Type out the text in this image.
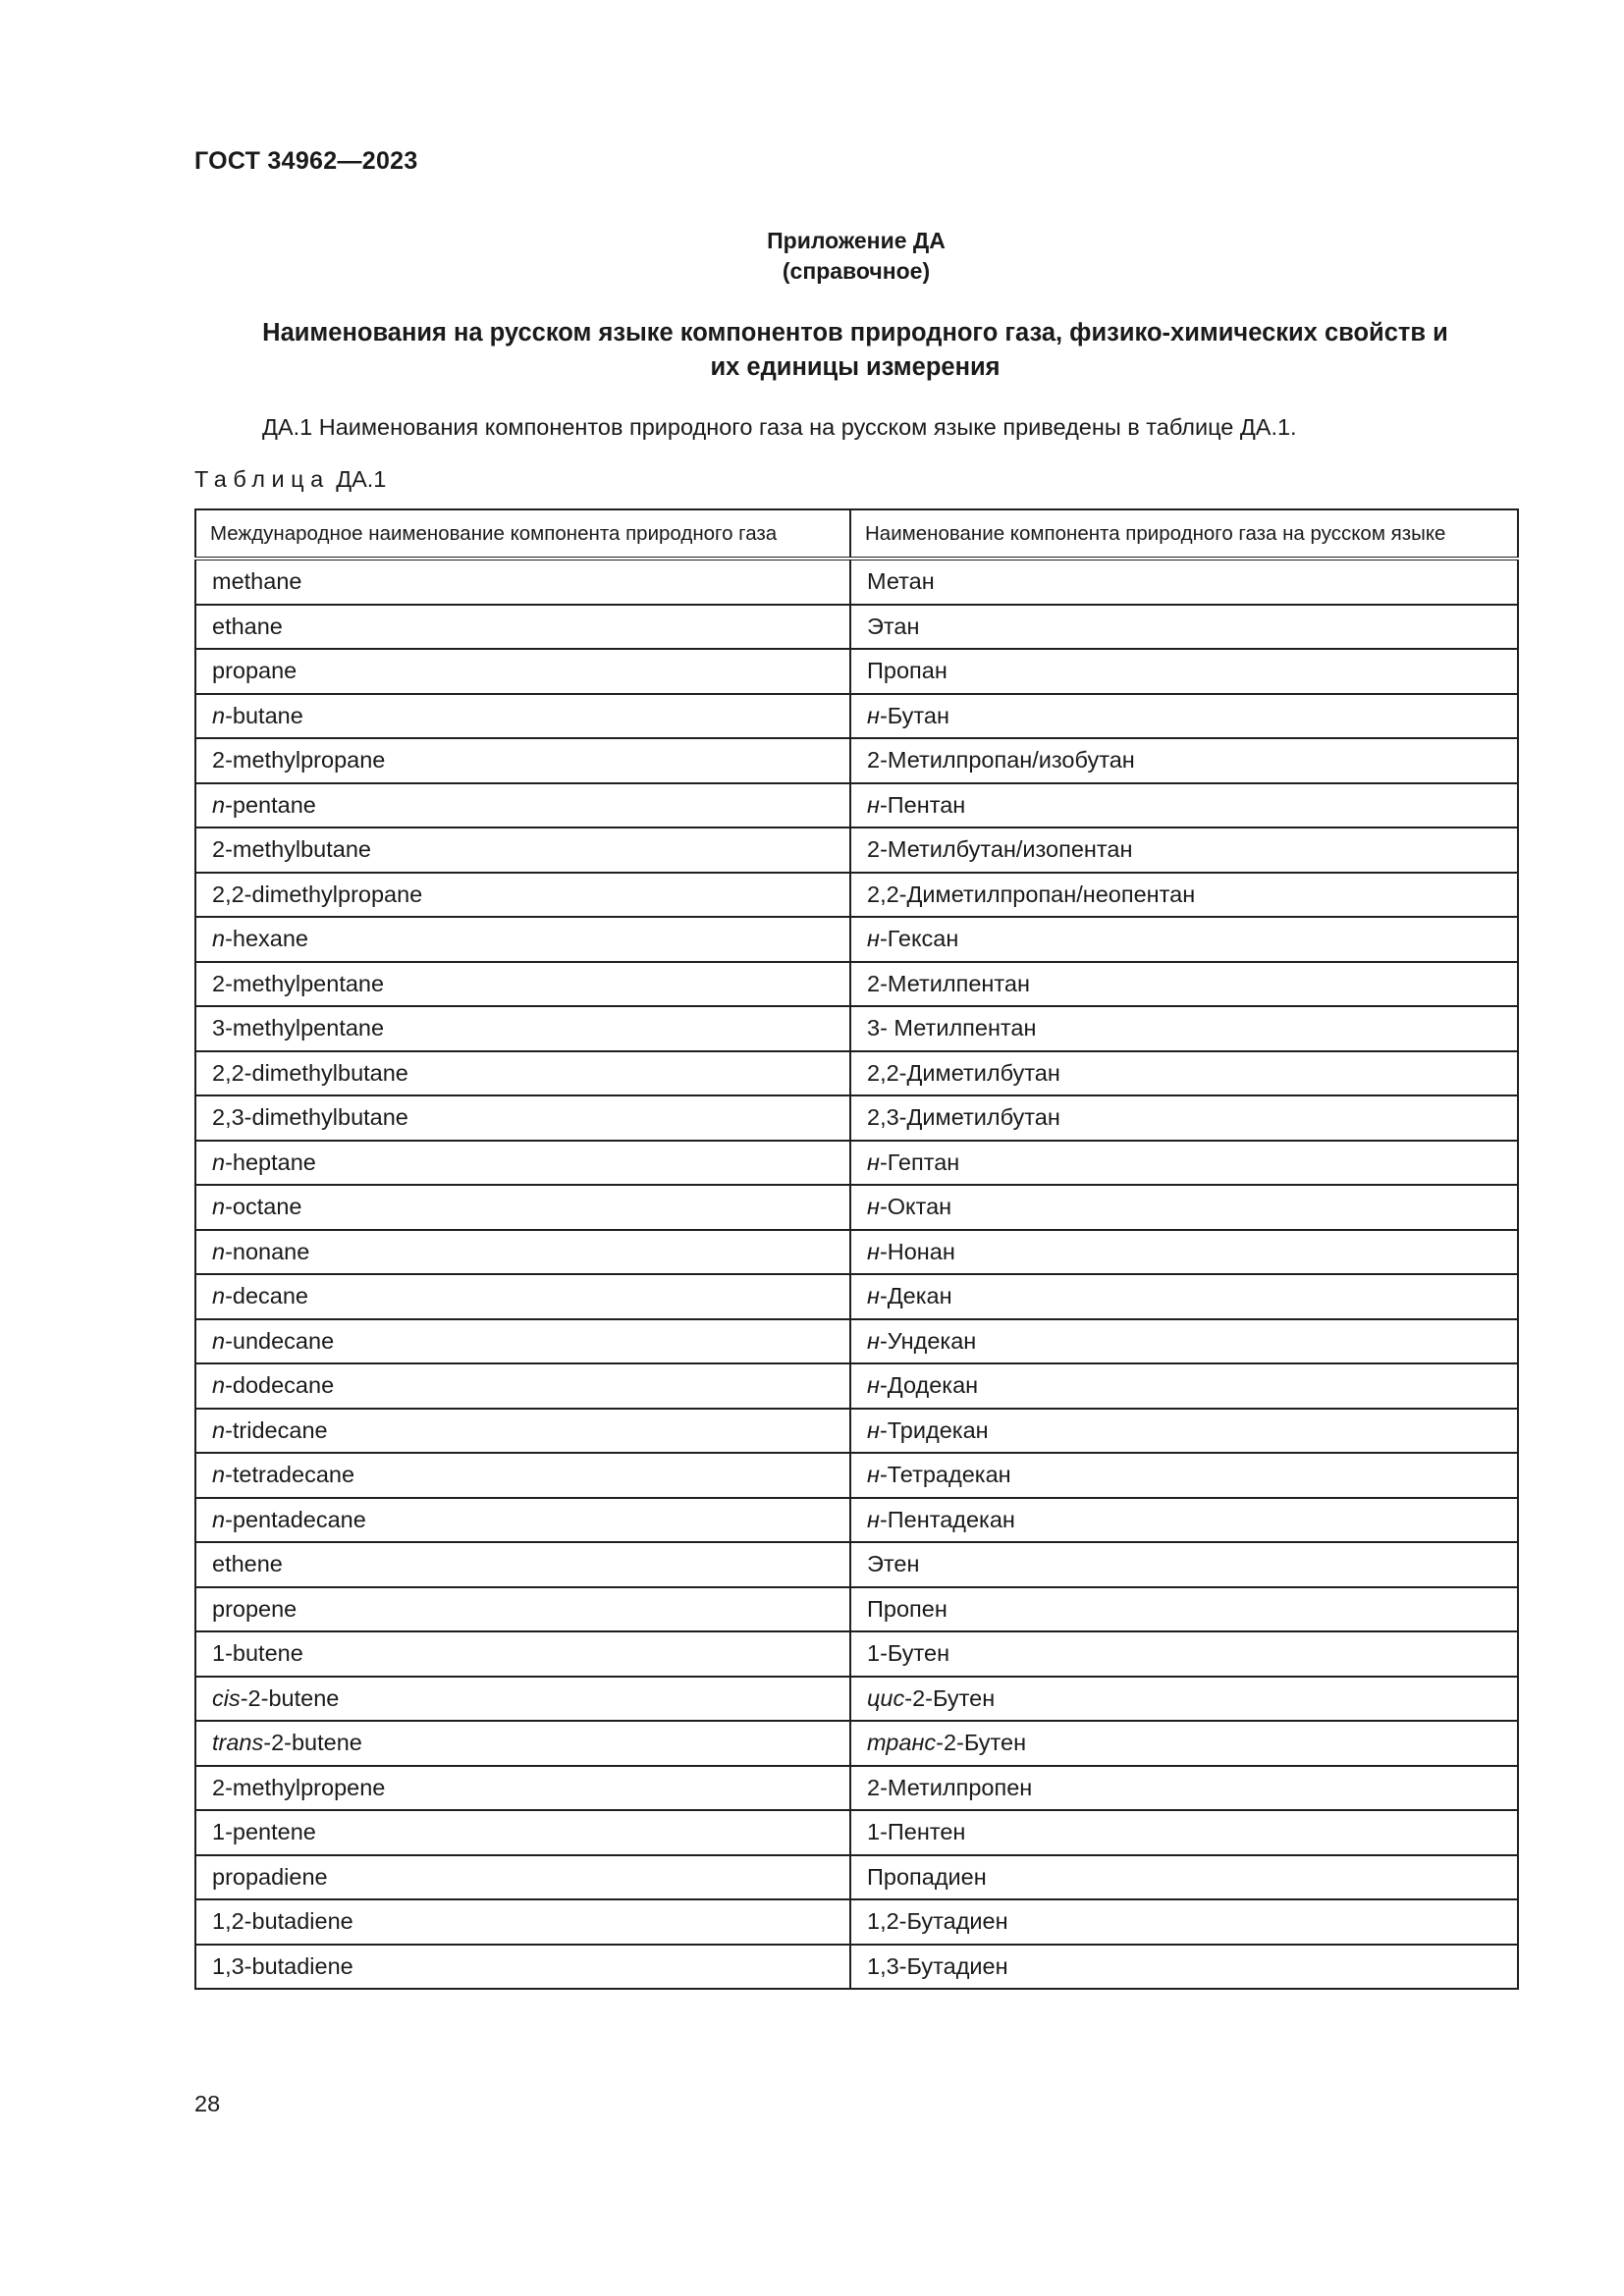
ГОСТ 34962—2023
Приложение ДА
(справочное)
Наименования на русском языке компонентов природного газа, физико-химических свойств и
их единицы измерения
ДА.1 Наименования компонентов природного газа на русском языке приведены в таблице ДА.1.
Таблица ДА.1
Международное наименование компонента природного газа	Наименование компонента природного газа на русском языке
methane	Метан
ethane	Этан
propane	Пропан
n-butane	н-Бутан
2-methylpropane	2-Метилпропан/изобутан
n-pentane	н-Пентан
2-methylbutane	2-Метилбутан/изопентан
2,2-dimethylpropane	2,2-Диметилпропан/неопентан
n-hexane	н-Гексан
2-methylpentane	2-Метилпентан
3-methylpentane	3- Метилпентан
2,2-dimethylbutane	2,2-Диметилбутан
2,3-dimethylbutane	2,3-Диметилбутан
n-heptane	н-Гептан
n-octane	н-Октан
n-nonane	н-Нонан
n-decane	н-Декан
n-undecane	н-Ундекан
n-dodecane	н-Додекан
n-tridecane	н-Тридекан
n-tetradecane	н-Тетрадекан
n-pentadecane	н-Пентадекан
ethene	Этен
propene	Пропен
1-butene	1-Бутен
cis-2-butene	цис-2-Бутен
trans-2-butene	транс-2-Бутен
2-methylpropene	2-Метилпропен
1-pentene	1-Пентен
propadiene	Пропадиен
1,2-butadiene	1,2-Бутадиен
1,3-butadiene	1,3-Бутадиен
28
